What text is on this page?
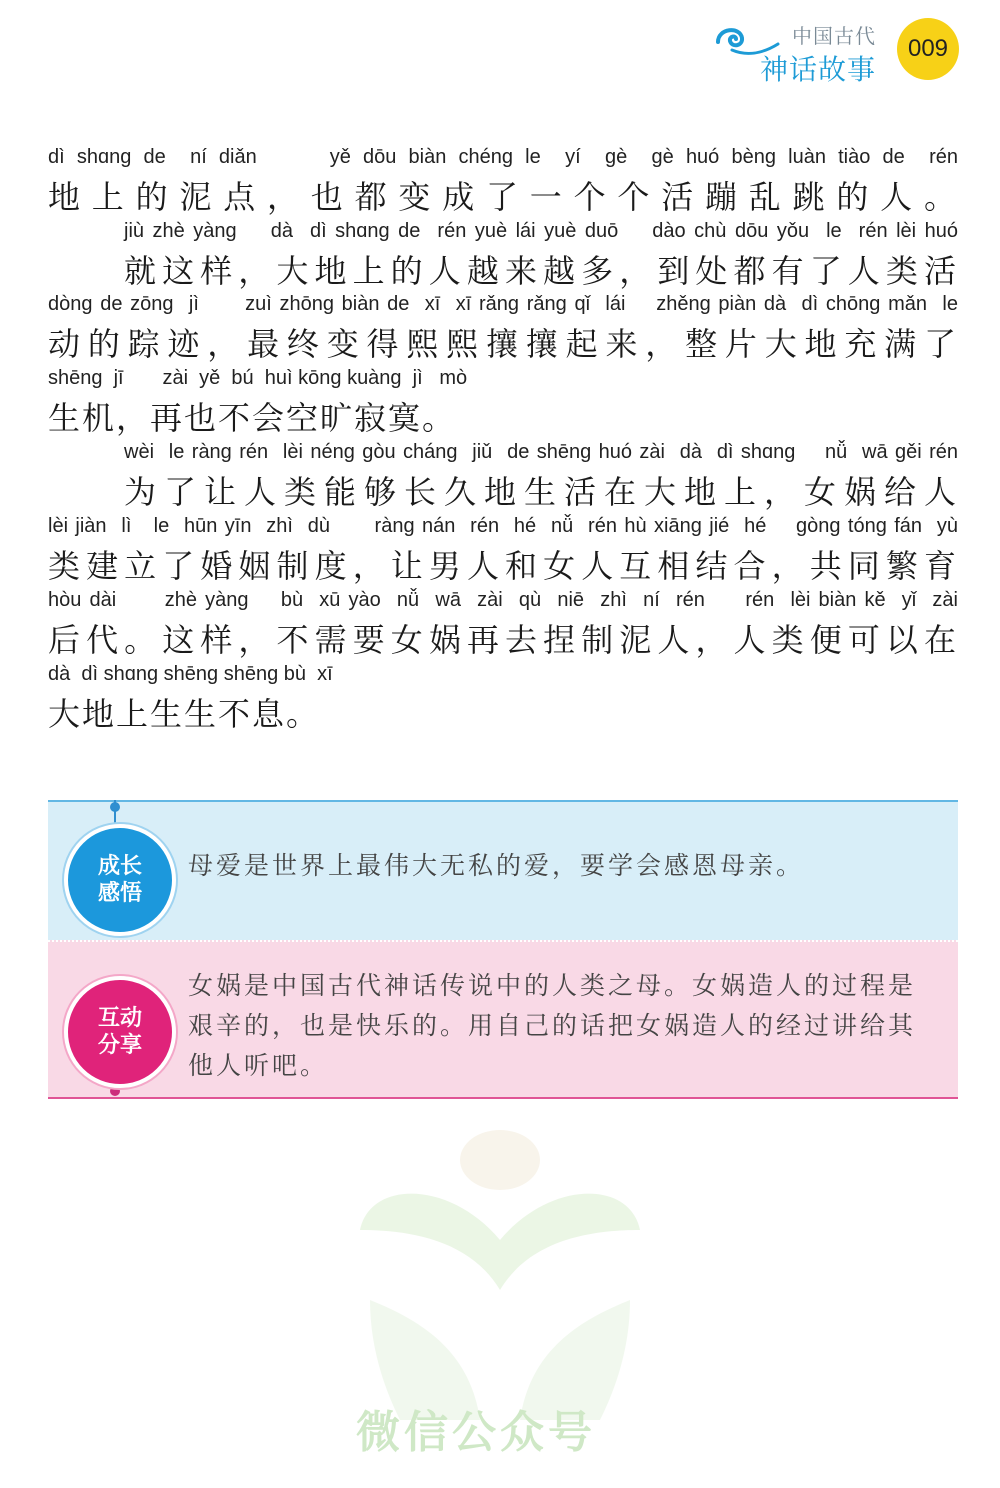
中国古代
神话故事
009
dì shɑng de  ní diǎn      yě dōu biàn chéng le  yí  gè  gè huó bèng luàn tiào de  rén
地上的泥点，也都变成了一个个活蹦乱跳的人。
jiù zhè yàng    dà  dì shɑng de  rén yuè lái yuè duō    dào chù dōu yǒu  le  rén lèi huó
就这样，大地上的人越来越多，到处都有了人类活
dòng de zōng  jì      zuì zhōng biàn de  xī  xī rǎng rǎng qǐ  lái    zhěng piàn dà  dì chōng mǎn  le
动的踪迹，最终变得熙熙攘攘起来，整片大地充满了
shēng  jī       zài  yě  bú  huì kōng kuàng  jì   mò
生机，再也不会空旷寂寞。
wèi  le ràng rén  lèi néng gòu cháng  jiǔ  de shēng huó zài  dà  dì shɑng    nǚ  wā gěi rén
为了让人类能够长久地生活在大地上，女娲给人
lèi jiàn  lì   le  hūn yīn  zhì  dù      ràng nán  rén  hé  nǚ  rén hù xiāng jié  hé    gòng tóng fán  yù
类建立了婚姻制度，让男人和女人互相结合，共同繁育
hòu dài      zhè yàng    bù  xū yào  nǚ  wā  zài  qù  niē  zhì  ní  rén     rén  lèi biàn kě  yǐ  zài
后代。这样，不需要女娲再去捏制泥人，人类便可以在
dà  dì shɑng shēng shēng bù  xī
大地上生生不息。
成长
感悟
母爱是世界上最伟大无私的爱，要学会感恩母亲。
互动
分享
女娲是中国古代神话传说中的人类之母。女娲造人的过程是艰辛的，也是快乐的。用自己的话把女娲造人的经过讲给其他人听吧。
微信公众号
